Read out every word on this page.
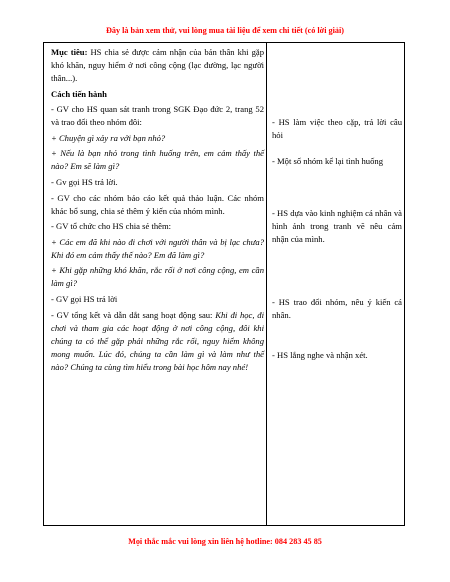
Đây là bản xem thử, vui lòng mua tài liệu để xem chi tiết (có lời giải)

Mục tiêu: HS chia sẻ được cảm nhận của bản thân khi gặp khó khăn, nguy hiểm ở nơi công cộng (lạc đường, lạc người thân...).

Cách tiến hành

- GV cho HS quan sát tranh trong SGK Đạo đức 2, trang 52 và trao đổi theo nhóm đôi:

+ Chuyện gì xảy ra với bạn nhỏ?

+ Nếu là bạn nhỏ trong tình huống trên, em cảm thấy thế nào? Em sẽ làm gì?

- Gv gọi HS trả lời.

- GV cho các nhóm báo cáo kết quả thảo luận. Các nhóm khác bổ sung, chia sẻ thêm ý kiến của nhóm mình.

- GV tổ chức cho HS chia sẻ thêm:

+ Các em đã khi nào đi chơi với người thân và bị lạc chưa? Khi đó em cảm thấy thế nào? Em đã làm gì?

+ Khi gặp những khó khăn, rắc rối ở nơi công cộng, em cần làm gì?

- GV gọi HS trả lời

- GV tổng kết và dẫn dắt sang hoạt động sau: Khi đi học, đi chơi và tham gia các hoạt động ở nơi công cộng, đôi khi chúng ta có thể gặp phải những rắc rối, nguy hiểm không mong muốn. Lúc đó, chúng ta cần làm gì và làm như thế nào? Chúng ta cùng tìm hiểu trong bài học hôm nay nhé!

- HS làm việc theo cặp, trả lời câu hỏi

- Một số nhóm kể lại tình huống

- HS dựa vào kinh nghiệm cá nhân và hình ảnh trong tranh vẽ nêu cảm nhận của mình.

- HS trao đổi nhóm, nêu ý kiến cá nhân.

- HS lắng nghe và nhận xét.

Mọi thắc mắc vui lòng xin liên hệ hotline: 084 283 45 85
